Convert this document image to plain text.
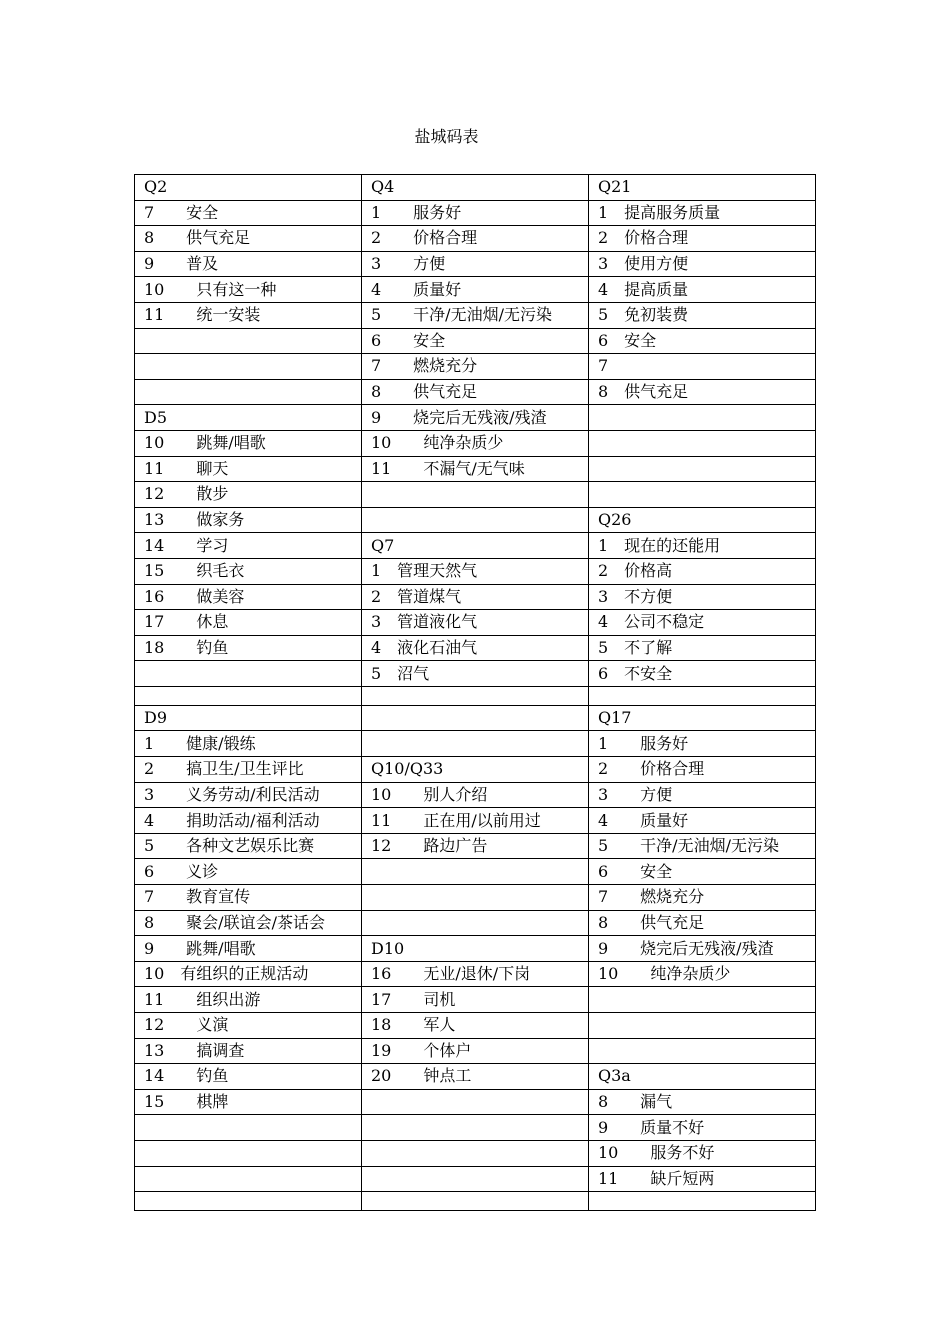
盐城码表
Q2	Q4	Q21
7　　安全	1　　服务好	1　提高服务质量
8　　供气充足	2　　价格合理	2　价格合理
9　　普及	3　　方便	3　使用方便
10　　只有这一种	4　　质量好	4　提高质量
11　　统一安装	5　　干净/无油烟/无污染	5　免初装费
	6　　安全	6　安全
	7　　燃烧充分	7
	8　　供气充足	8　供气充足
D5	9　　烧完后无残液/残渣	
10　　跳舞/唱歌	10　　纯净杂质少	
11　　聊天	11　　不漏气/无气味	
12　　散步		
13　　做家务		Q26
14　　学习	Q7	1　现在的还能用
15　　织毛衣	1　管理天然气	2　价格高
16　　做美容	2　管道煤气	3　不方便
17　　休息	3　管道液化气	4　公司不稳定
18　　钓鱼	4　液化石油气	5　不了解
	5　沼气	6　不安全

D9		Q17
1　　健康/锻练		1　　服务好
2　　搞卫生/卫生评比	Q10/Q33	2　　价格合理
3　　义务劳动/利民活动	10　　别人介绍	3　　方便
4　　捐助活动/福利活动	11　　正在用/以前用过	4　　质量好
5　　各种文艺娱乐比赛	12　　路边广告	5　　干净/无油烟/无污染
6　　义诊		6　　安全
7　　教育宣传		7　　燃烧充分
8　　聚会/联谊会/茶话会		8　　供气充足
9　　跳舞/唱歌	D10	9　　烧完后无残液/残渣
10　有组织的正规活动	16　　无业/退休/下岗	10　　纯净杂质少
11　　组织出游	17　　司机	
12　　义演	18　　军人	
13　　搞调查	19　　个体户	
14　　钓鱼	20　　钟点工	Q3a
15　　棋牌		8　　漏气
		9　　质量不好
		10　　服务不好
		11　　缺斤短两
